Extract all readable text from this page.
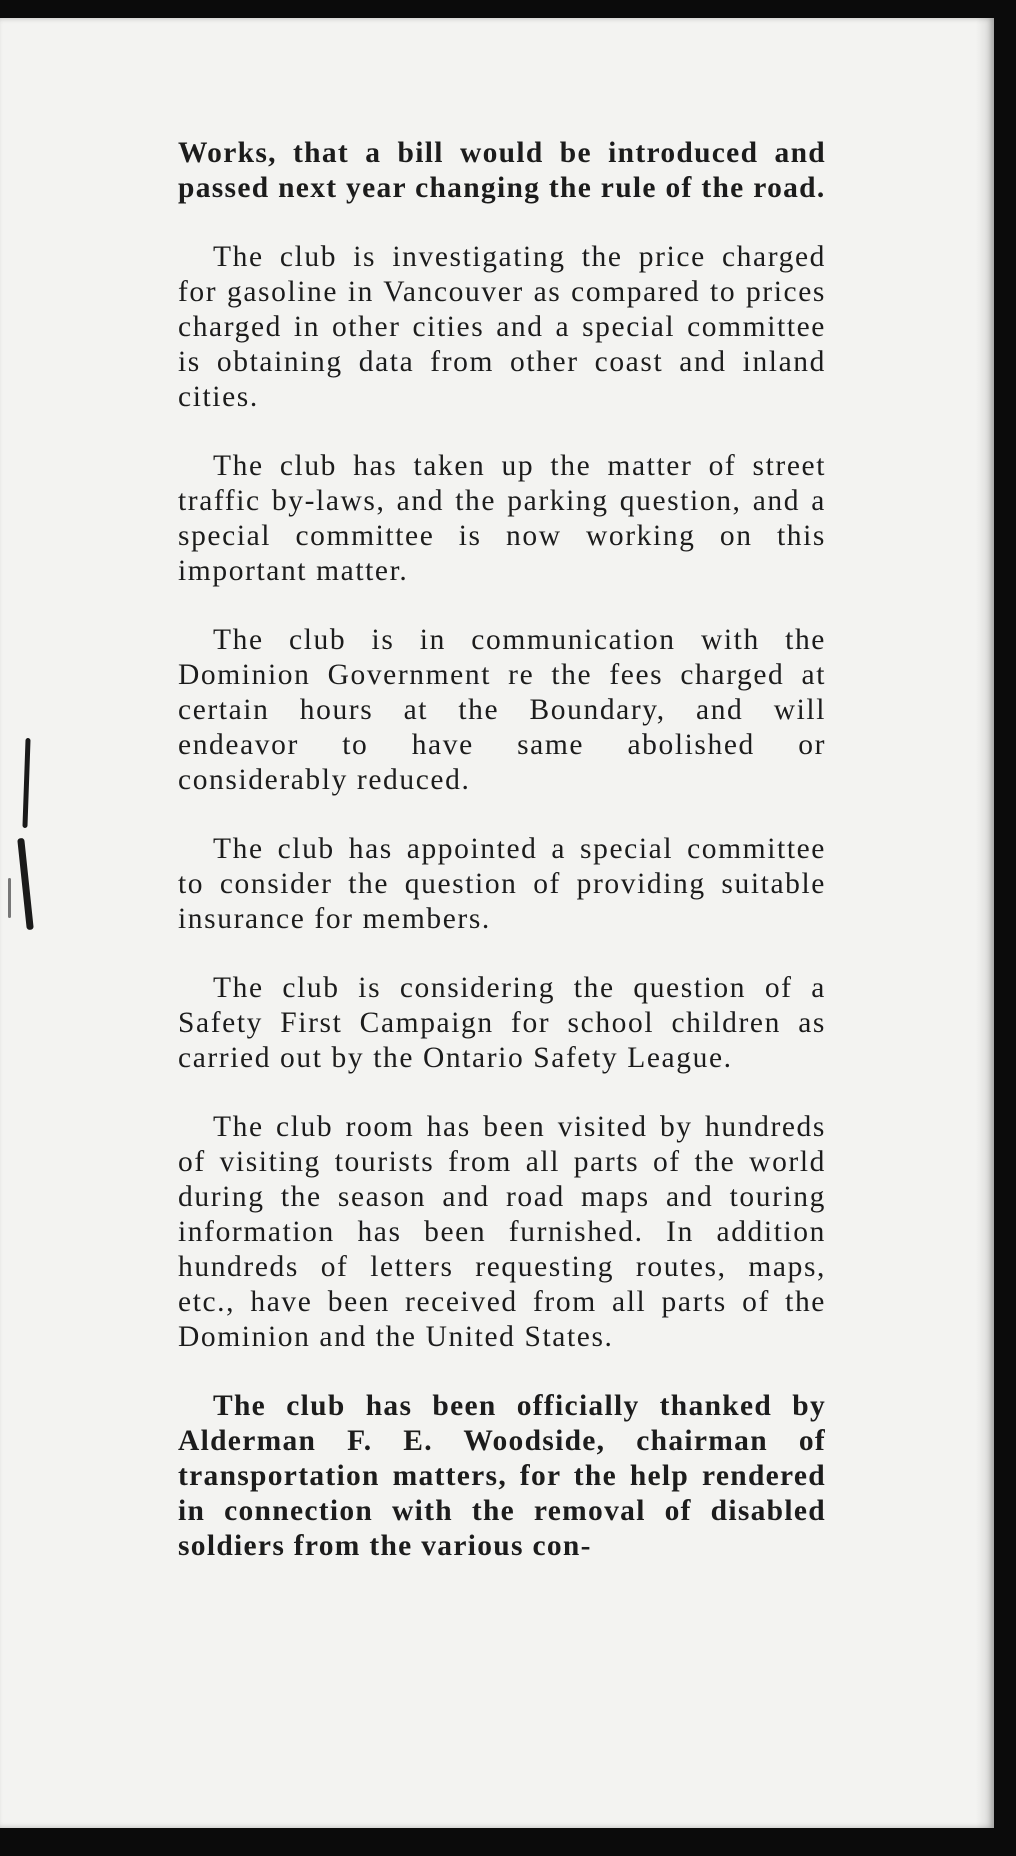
Works, that a bill would be introduced and passed next year changing the rule of the road.

The club is investigating the price charged for gasoline in Vancouver as compared to prices charged in other cities and a special committee is obtaining data from other coast and inland cities.

The club has taken up the matter of street traffic by-laws, and the parking question, and a special committee is now working on this important matter.

The club is in communication with the Dominion Government re the fees charged at certain hours at the Boundary, and will endeavor to have same abolished or considerably reduced.

The club has appointed a special committee to consider the question of providing suitable insurance for members.

The club is considering the question of a Safety First Campaign for school children as carried out by the Ontario Safety League.

The club room has been visited by hundreds of visiting tourists from all parts of the world during the season and road maps and touring information has been furnished. In addition hundreds of letters requesting routes, maps, etc., have been received from all parts of the Dominion and the United States.

The club has been officially thanked by Alderman F. E. Woodside, chairman of transportation matters, for the help rendered in connection with the removal of disabled soldiers from the various con-
